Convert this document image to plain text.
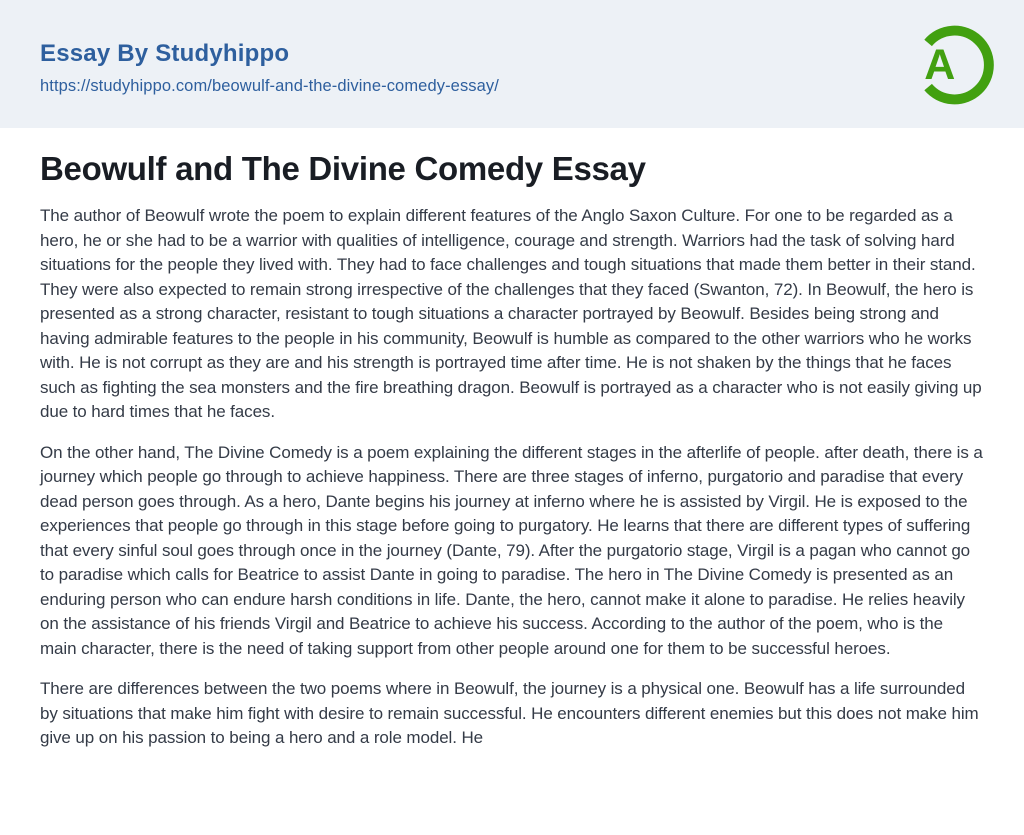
Essay By Studyhippo
https://studyhippo.com/beowulf-and-the-divine-comedy-essay/	A
Beowulf and The Divine Comedy Essay

The author of Beowulf wrote the poem to explain different features of the Anglo Saxon Culture. For one to be regarded as a hero, he or she had to be a warrior with qualities of intelligence, courage and strength. Warriors had the task of solving hard situations for the people they lived with. They had to face challenges and tough situations that made them better in their stand. They were also expected to remain strong irrespective of the challenges that they faced (Swanton, 72). In Beowulf, the hero is presented as a strong character, resistant to tough situations a character portrayed by Beowulf. Besides being strong and having admirable features to the people in his community, Beowulf is humble as compared to the other warriors who he works with. He is not corrupt as they are and his strength is portrayed time after time. He is not shaken by the things that he faces such as fighting the sea monsters and the fire breathing dragon. Beowulf is portrayed as a character who is not easily giving up due to hard times that he faces.

On the other hand, The Divine Comedy is a poem explaining the different stages in the afterlife of people. after death, there is a journey which people go through to achieve happiness. There are three stages of inferno, purgatorio and paradise that every dead person goes through. As a hero, Dante begins his journey at inferno where he is assisted by Virgil. He is exposed to the experiences that people go through in this stage before going to purgatory. He learns that there are different types of suffering that every sinful soul goes through once in the journey (Dante, 79). After the purgatorio stage, Virgil is a pagan who cannot go to paradise which calls for Beatrice to assist Dante in going to paradise. The hero in The Divine Comedy is presented as an enduring person who can endure harsh conditions in life. Dante, the hero, cannot make it alone to paradise. He relies heavily on the assistance of his friends Virgil and Beatrice to achieve his success. According to the author of the poem, who is the main character, there is the need of taking support from other people around one for them to be successful heroes.

There are differences between the two poems where in Beowulf, the journey is a physical one. Beowulf has a life surrounded by situations that make him fight with desire to remain successful. He encounters different enemies but this does not make him give up on his passion to being a hero and a role model. He
